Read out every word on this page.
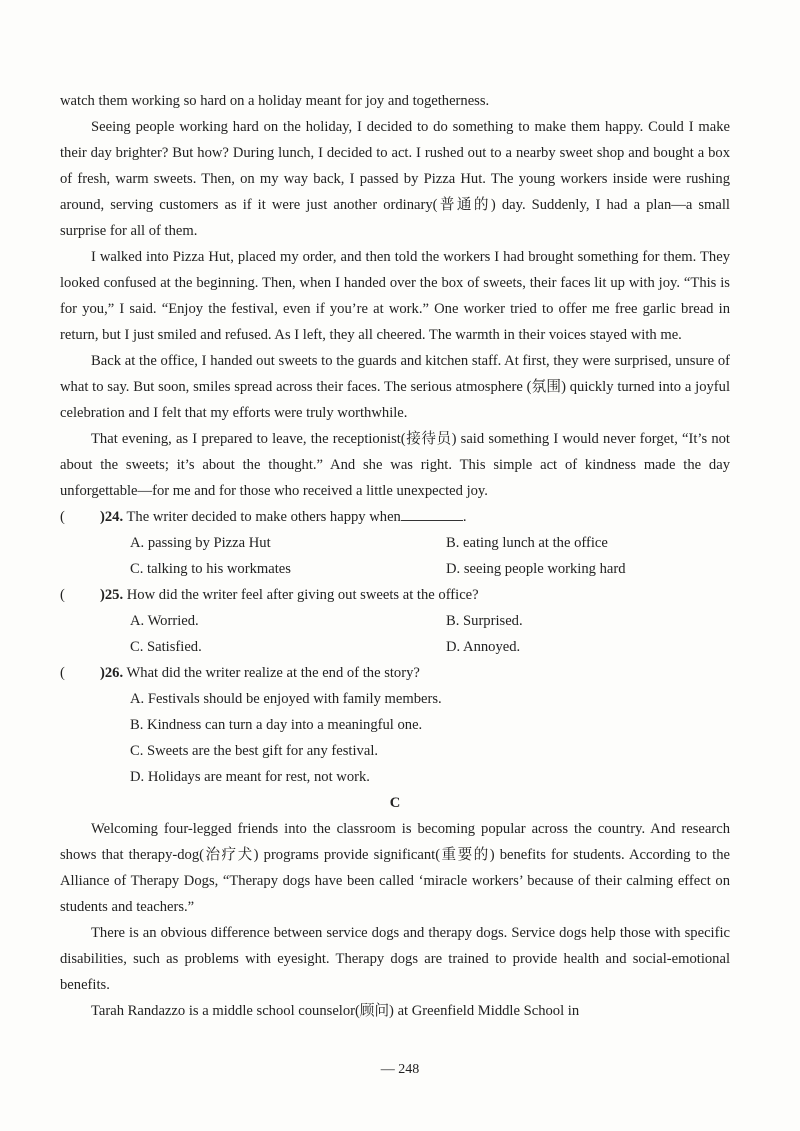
watch them working so hard on a holiday meant for joy and togetherness.

Seeing people working hard on the holiday, I decided to do something to make them happy. Could I make their day brighter? But how? During lunch, I decided to act. I rushed out to a nearby sweet shop and bought a box of fresh, warm sweets. Then, on my way back, I passed by Pizza Hut. The young workers inside were rushing around, serving customers as if it were just another ordinary(普通的) day. Suddenly, I had a plan—a small surprise for all of them.

I walked into Pizza Hut, placed my order, and then told the workers I had brought something for them. They looked confused at the beginning. Then, when I handed over the box of sweets, their faces lit up with joy. “This is for you,” I said. “Enjoy the festival, even if you’re at work.” One worker tried to offer me free garlic bread in return, but I just smiled and refused. As I left, they all cheered. The warmth in their voices stayed with me.

Back at the office, I handed out sweets to the guards and kitchen staff. At first, they were surprised, unsure of what to say. But soon, smiles spread across their faces. The serious atmosphere (氛围) quickly turned into a joyful celebration and I felt that my efforts were truly worthwhile.

That evening, as I prepared to leave, the receptionist(接待员) said something I would never forget, “It’s not about the sweets; it’s about the thought.” And she was right. This simple act of kindness made the day unforgettable—for me and for those who received a little unexpected joy.

( )24. The writer decided to make others happy when	.

A. passing by Pizza Hut	B. eating lunch at the office

C. talking to his workmates	D. seeing people working hard

( )25. How did the writer feel after giving out sweets at the office?

A. Worried.	B. Surprised.

C. Satisfied.	D. Annoyed.

( )26. What did the writer realize at the end of the story?

A. Festivals should be enjoyed with family members.

B. Kindness can turn a day into a meaningful one.

C. Sweets are the best gift for any festival.

D. Holidays are meant for rest, not work.

C

Welcoming four-legged friends into the classroom is becoming popular across the country. And research shows that therapy-dog(治疗犬) programs provide significant(重要的) benefits for students. According to the Alliance of Therapy Dogs, “Therapy dogs have been called ‘miracle workers’ because of their calming effect on students and teachers.”

There is an obvious difference between service dogs and therapy dogs. Service dogs help those with specific disabilities, such as problems with eyesight. Therapy dogs are trained to provide health and social-emotional benefits.

Tarah Randazzo is a middle school counselor(顾问) at Greenfield Middle School in

— 248
